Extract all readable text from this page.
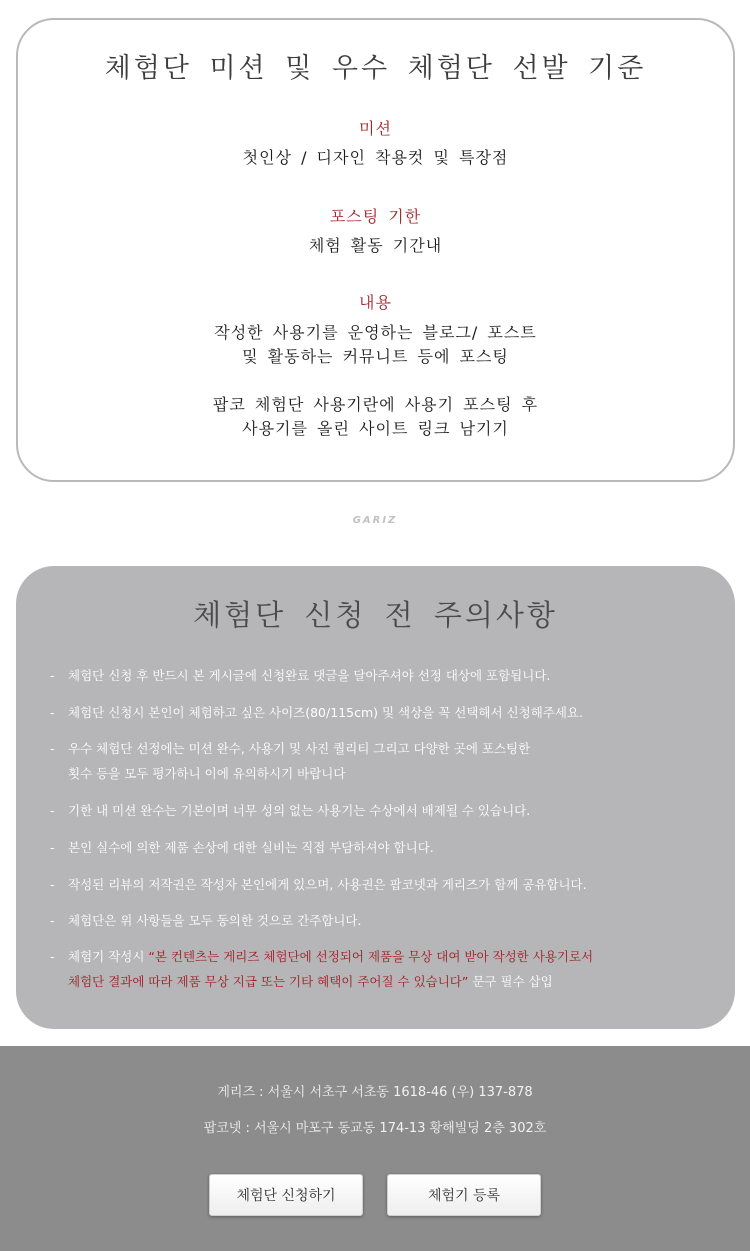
체험단 미션 및 우수 체험단 선발 기준
미션
첫인상 / 디자인 착용컷 및 특장점
포스팅 기한
체험 활동 기간내
내용
작성한 사용기를 운영하는 블로그/ 포스트
및 활동하는 커뮤니트 등에 포스팅
팝코 체험단 사용기란에 사용기 포스팅 후
사용기를 올린 사이트 링크 남기기
GARIZ
체험단 신청 전 주의사항
- 체험단 신청 후 반드시 본 게시글에 신청완료 댓글을 달아주셔야 선정 대상에 포함됩니다.
- 체험단 신청시 본인이 체험하고 싶은 사이즈(80/115cm) 및 색상을 꼭 선택해서 신청해주세요.
- 우수 체험단 선정에는 미션 완수, 사용기 및 사진 퀄리티 그리고 다양한 곳에 포스팅한
횟수 등을 모두 평가하니 이에 유의하시기 바랍니다
- 기한 내 미션 완수는 기본이며 너무 성의 없는 사용기는 수상에서 배제될 수 있습니다.
- 본인 실수에 의한 제품 손상에 대한 실비는 직접 부담하셔야 합니다.
- 작성된 리뷰의 저작권은 작성자 본인에게 있으며, 사용권은 팝코넷과 게리즈가 함께 공유합니다.
- 체험단은 위 사항들을 모두 동의한 것으로 간주합니다.
- 체험기 작성시 “본 컨텐츠는 게리즈 체험단에 선정되어 제품을 무상 대여 받아 작성한 사용기로서
체험단 결과에 따라 제품 무상 지급 또는 기타 혜택이 주어질 수 있습니다” 문구 필수 삽입
게리즈 : 서울시 서초구 서초동 1618-46 (우) 137-878
팝코넷 : 서울시 마포구 동교동 174-13 황해빌딩 2층 302호
체험단 신청하기	체험기 등록
